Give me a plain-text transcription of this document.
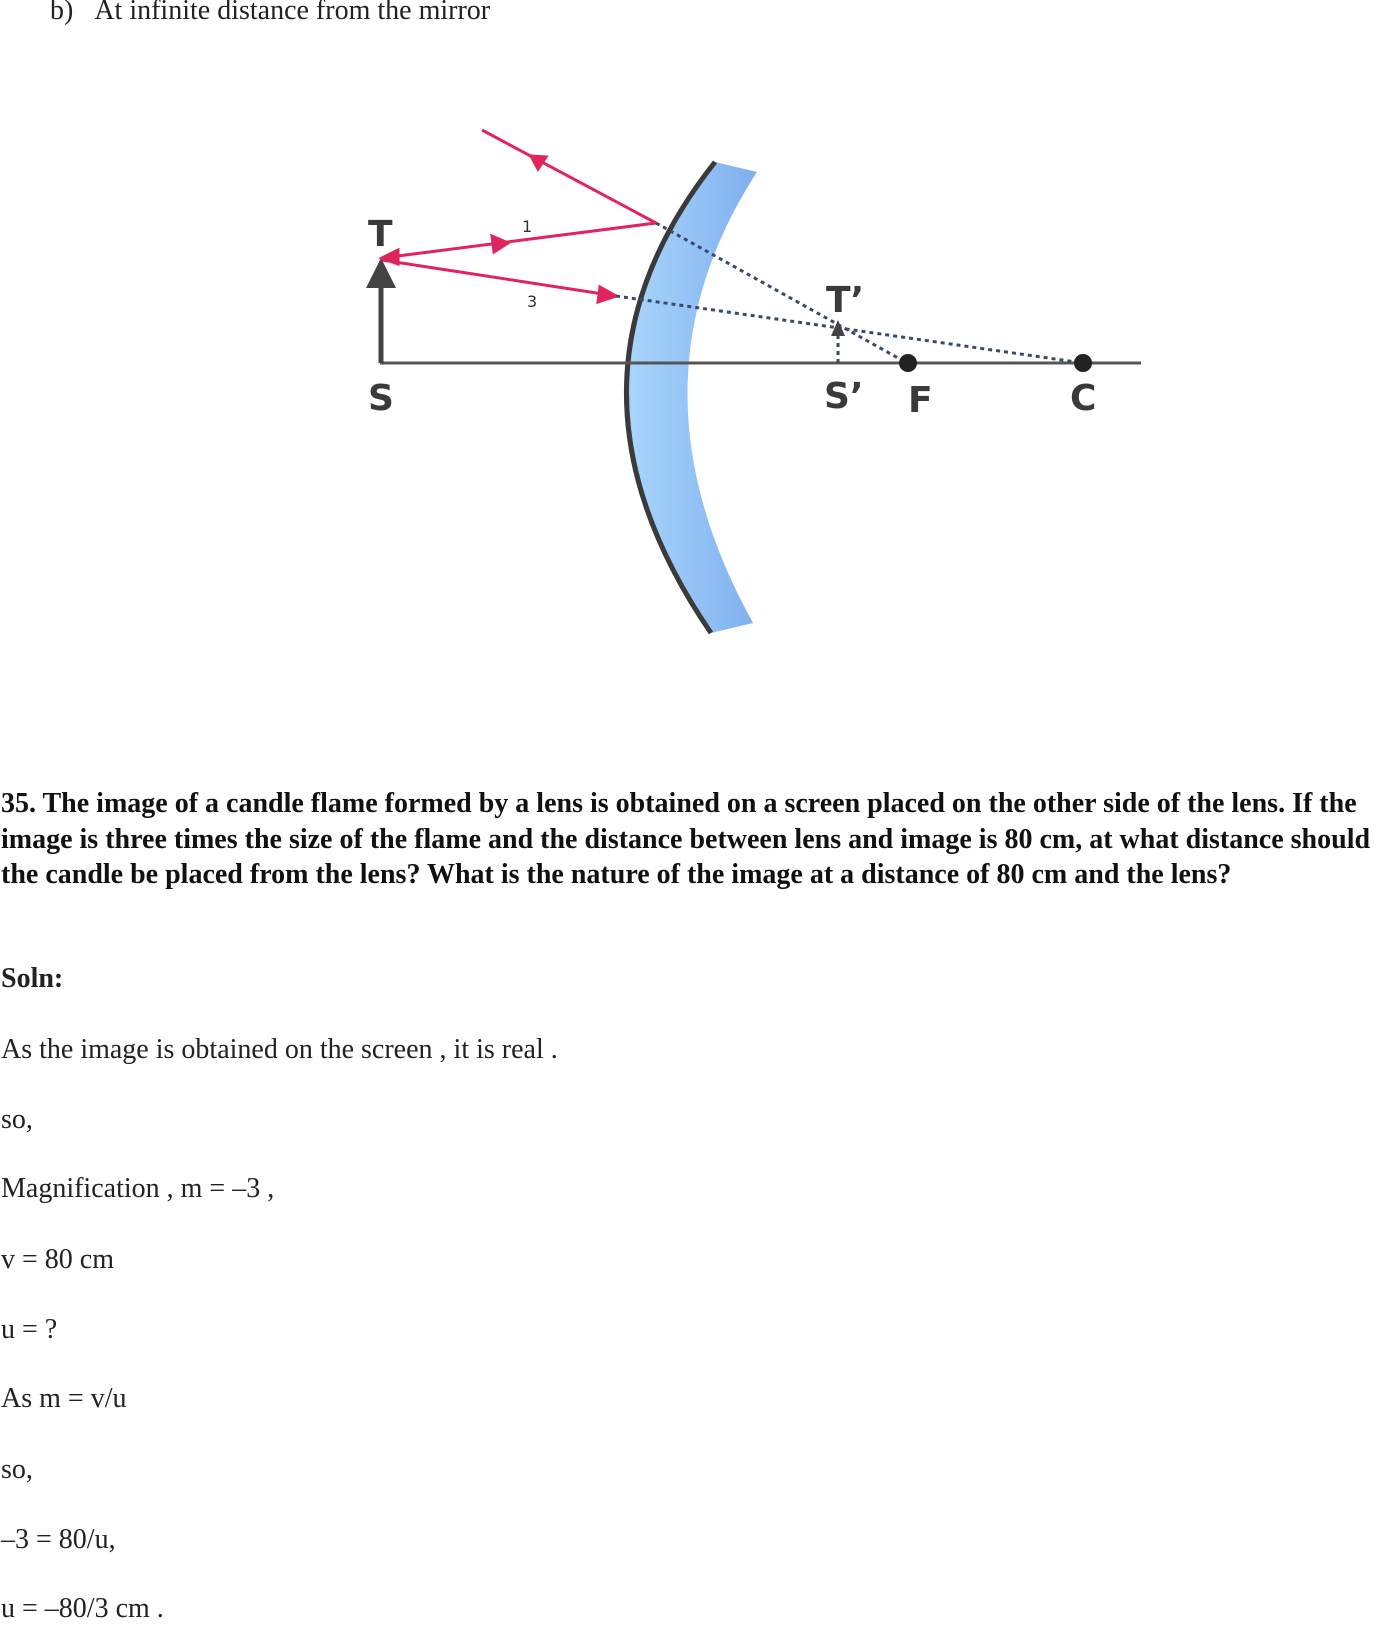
b) At infinite distance from the mirror
T
S
T’
S’ F	C
1
3
35. The image of a candle flame formed by a lens is obtained on a screen placed on the other side of the lens. If the image is three times the size of the flame and the distance between lens and image is 80 cm, at what distance should the candle be placed from the lens? What is the nature of the image at a distance of 80 cm and the lens?
Soln:
As the image is obtained on the screen , it is real .
so,
Magnification , m = –3 ,
v = 80 cm
u = ?
As m = v/u
so,
–3 = 80/u,
u = –80/3 cm .
